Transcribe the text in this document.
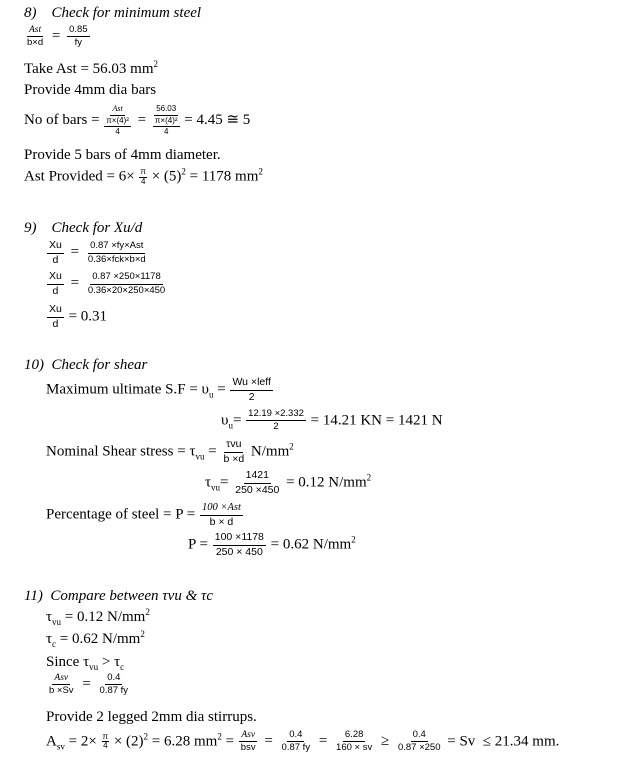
8)    Check for minimum steel
Ast
$b\times d = \frac{0.85}{fy}$
Take Ast = 56.03 $mm^2$
Provide 4mm dia bars
No of bars =
Ast
π×(4)²
4
=
56.03
π×(4)²
4
= 4.45 ≅ 5
Provide 5 bars of 4mm diameter.
Ast Provided = $6\times \frac{\pi}{4} \times (5)^2 = 1178$ $mm^2$
9)    Check for Xu/d
$\frac{Xu}{d} = 0.87 \times fy\times Ast$
0.36×fck×b×d
$\frac{Xu}{d} = \frac{0.87 \times 250\times 1178}{0.36\times 20\times 250\times 450}$
$\frac{Xu}{d} = 0.31$
10)  Check for shear
Maximum ultimate $S.F = \upsilon_u = Wu$ ×leff
2
$\upsilon_u= \frac{12.19 \times 2.332}{2} = 14.21$ KN = 1421 N
Nominal Shear stress = $\tau_{vu} = \tau vu$
b ×d $N/mm^2$
$\tau_{vu}= \frac{1421}{250 \times 450} = 0.12$ $N/mm^2$
Percentage of steel = P = 100 ×Ast
b × d
$P = \frac{100 \times 1178}{250 \times 450} = 0.62$ $N/mm^2$
11)  Compare between τvu & τc
$\tau_{vu} = 0.12$ $N/mm^2$
$\tau_c = 0.62$ $N/mm^2$
Since $\tau_{vu} > \tau_c$
Asv
$b \times Sv = \frac{0.4}{0.87 fy}$
Provide 2 legged 2mm dia stirrups.
$A_{sv} = 2\times \frac{\pi}{4} \times (2)^2 = 6.28$ $mm^2$ = Asv
bsv = $\frac{0.4}{0.87 fy} = \frac{6.28}{160 \times sv} \ge \frac{0.4}{0.87 \times 250} = Sv \le 21.34$ mm.
